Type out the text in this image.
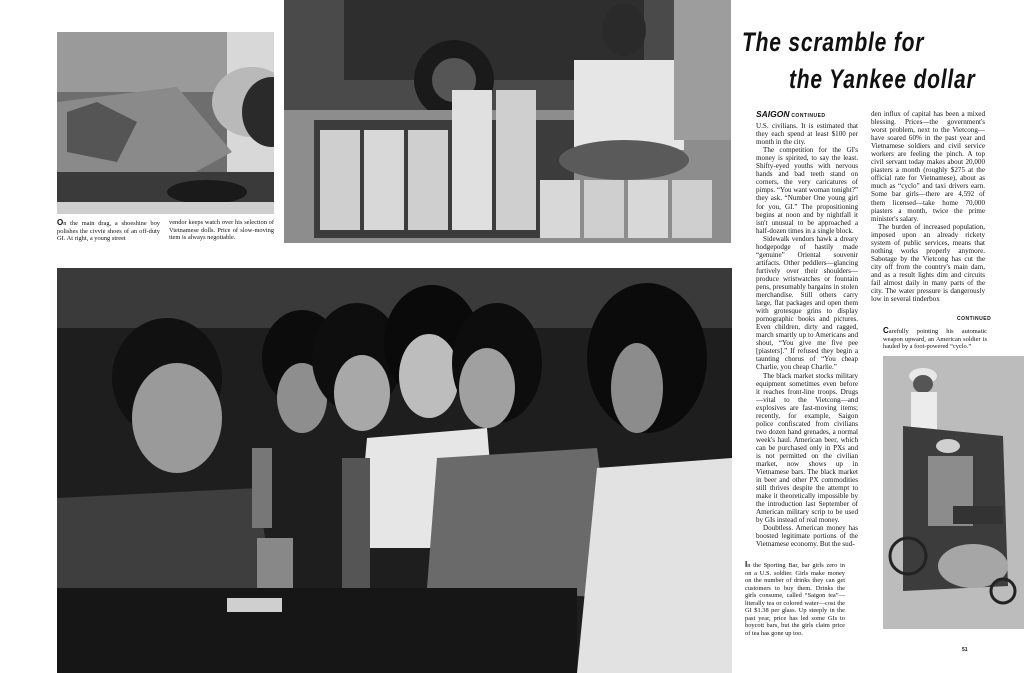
On the main drag, a shoeshine boy polishes the civvie shoes of an off-duty GI. At right, a young street
vendor keeps watch over his selection of Vietnamese dolls. Price of slow-moving item is always negotiable.
The scramble for
the Yankee dollar
SAIGON CONTINUED

U.S. civilians. It is estimated that they each spend at least $100 per month in the city.

The competition for the GI's money is spirited, to say the least. Shifty-eyed youths with nervous hands and bad teeth stand on corners, the very caricatures of pimps. “You want woman tonight?” they ask. “Number One young girl for you, GI.” The propositioning begins at noon and by nightfall it isn't unusual to be approached a half-dozen times in a single block.

Sidewalk vendors hawk a dreary hodgepodge of hastily made “genuine” Oriental souvenir artifacts. Other peddlers—glancing furtively over their shoulders—produce wristwatches or fountain pens, presumably bargains in stolen merchandise. Still others carry large, flat packages and open them with grotesque grins to display pornographic books and pictures. Even children, dirty and ragged, march smartly up to Americans and shout, “You give me five pee [piasters].” If refused they begin a taunting chorus of “You cheap Charlie, you cheap Charlie.”

The black market stocks military equipment sometimes even before it reaches front-line troops. Drugs—vital to the Vietcong—and explosives are fast-moving items; recently, for example, Saigon police confiscated from civilians two dozen hand grenades, a normal week's haul. American beer, which can be purchased only in PXs and is not permitted on the civilian market, now shows up in Vietnamese bars. The black market in beer and other PX commodities still thrives despite the attempt to make it theoretically impossible by the introduction last September of American military scrip to be used by GIs instead of real money.

Doubtless. American money has boosted legitimate portions of the Vietnamese economy. But the sud-

den influx of capital has been a mixed blessing. Prices—the government's worst problem, next to the Vietcong—have soared 60% in the past year and Vietnamese soldiers and civil service workers are feeling the pinch. A top civil servant today makes about 20,000 piasters a month (roughly $275 at the official rate for Vietnamese), about as much as “cyclo” and taxi drivers earn. Some bar girls—there are 4,592 of them licensed—take home 70,000 piasters a month, twice the prime minister's salary.

The burden of increased population, imposed upon an already rickety system of public services, means that nothing works properly anymore. Sabotage by the Vietcong has cut the city off from the country's main dam, and as a result lights dim and circuits fail almost daily in many parts of the city. The water pressure is dangerously low in several tinderbox

CONTINUED
Carefully pointing his automatic weapon upward, an American soldier is hauled by a foot-powered “cyclo.”
In the Sporting Bar, bar girls zero in on a U.S. soldier. Girls make money on the number of drinks they can get customers to buy them. Drinks the girls consume, called “Saigon tea”—literally tea or colored water—cost the GI $1.38 per glass. Up steeply in the past year, price has led some GIs to boycott bars, but the girls claim price of tea has gone up too.
51
